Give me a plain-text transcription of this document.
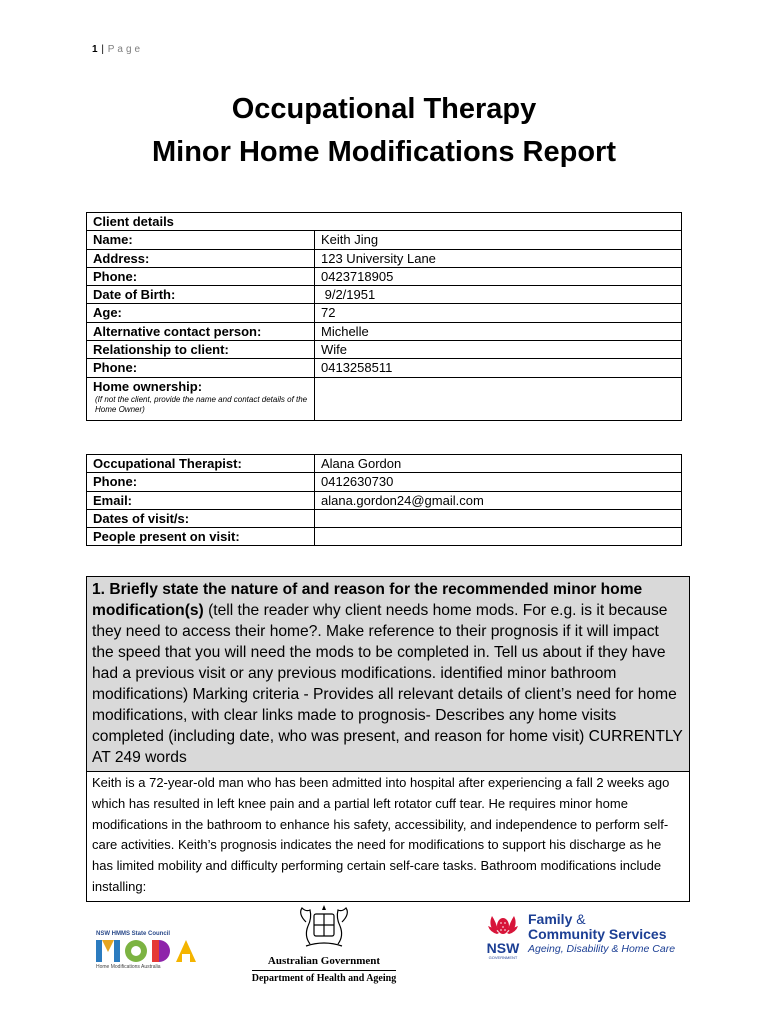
1 | Page
Occupational Therapy
Minor Home Modifications Report
Client details	
Name:	Keith Jing
Address:	123 University Lane
Phone:	0423718905
Date of Birth:	9/2/1951
Age:	72
Alternative contact person:	Michelle
Relationship to client:	Wife
Phone:	0413258511
Home ownership:
(If not the client, provide the name and contact details of the Home Owner)	

Occupational Therapist:	Alana Gordon
Phone:	0412630730
Email:	alana.gordon24@gmail.com
Dates of visit/s:	
People present on visit:	
1. Briefly state the nature of and reason for the recommended minor home modification(s) (tell the reader why client needs home mods. For e.g. is it because they need to access their home?. Make reference to their prognosis if it will impact the speed that you will need the mods to be completed in. Tell us about if they have had a previous visit or any previous modifications. identified minor bathroom modifications) Marking criteria - Provides all relevant details of client’s need for home modifications, with clear links made to prognosis- Describes any home visits completed (including date, who was present, and reason for home visit) CURRENTLY AT 249 words
Keith is a 72-year-old man who has been admitted into hospital after experiencing a fall 2 weeks ago which has resulted in left knee pain and a partial left rotator cuff tear. He requires minor home modifications in the bathroom to enhance his safety, accessibility, and independence to perform self-care activities. Keith’s prognosis indicates the need for modifications to support his discharge as he has limited mobility and difficulty performing certain self-care tasks. Bathroom modifications include installing:
NSW HMMS State Council
Home Modifications Australia	Australian Government
Department of Health and Ageing
NSW
GOVERNMENT
Family &
Community Services
Ageing, Disability & Home Care
